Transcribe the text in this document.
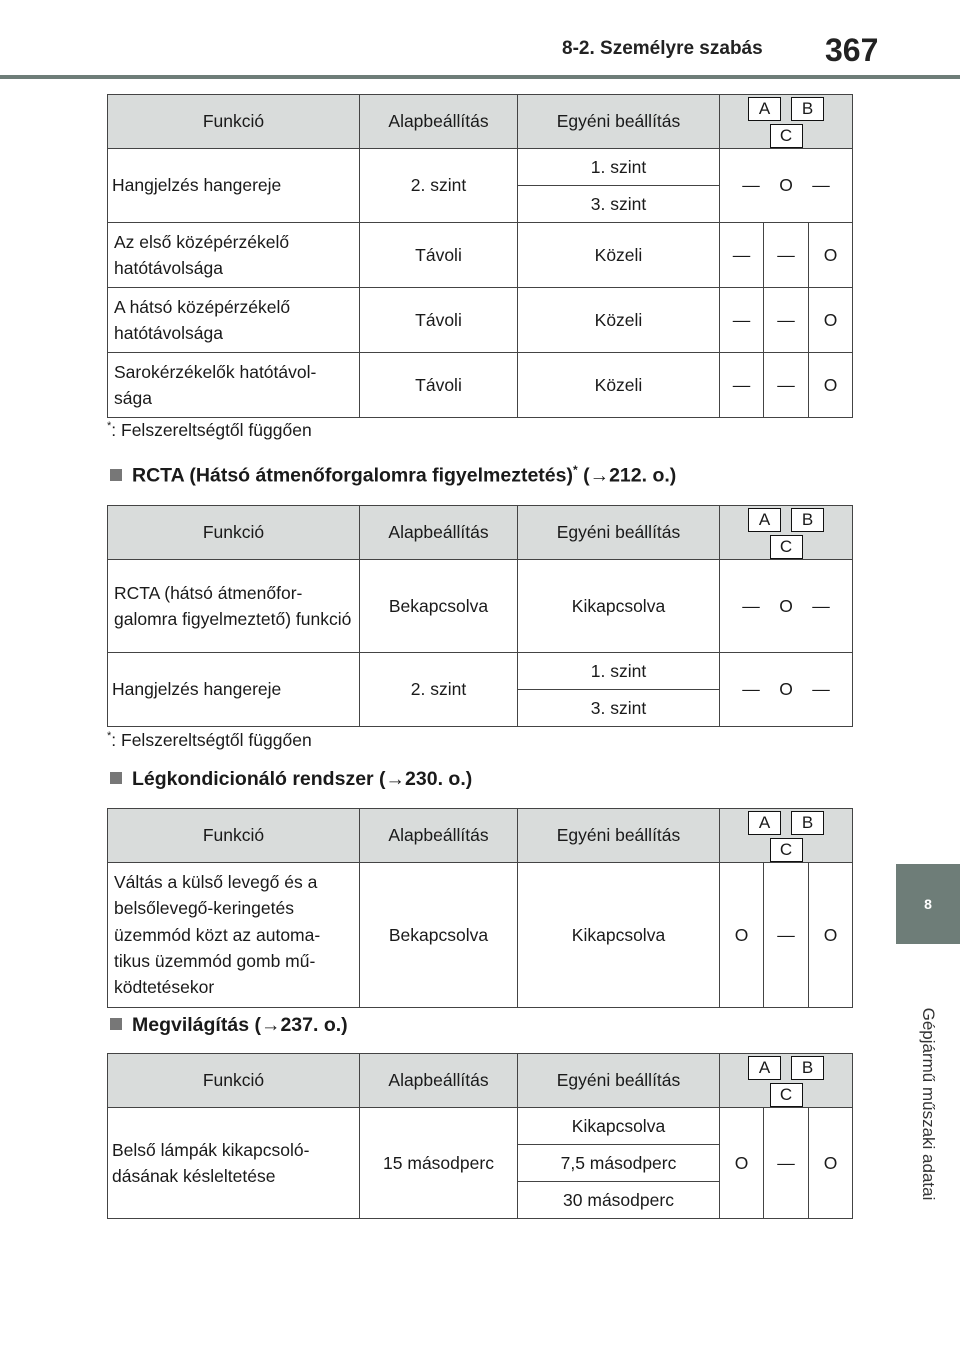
8-2. Személyre szabás 367
8
Gépjármű műszaki adatai
Funkció	Alapbeállítás	Egyéni beállítás	A BC		
Hangjelzés hangereje	2. szint	1. szint	— O —		
		3. szint			
Az első középérzékelő hatótávolsága	Távoli	Közeli	—	—	O
A hátsó középérzékelő hatótávolsága	Távoli	Közeli	—	—	O
Sarokérzékelők hatótávol- sága	Távoli	Közeli	—	—	O
*: Felszereltségtől függően
RCTA (Hátsó átmenőforgalomra figyelmeztetés)* (→212. o.)
Funkció	Alapbeállítás	Egyéni beállítás	A BC
RCTA (hátsó átmenőfor- galomra figyelmeztető) funkció	Bekapcsolva	Kikapcsolva	— O —
Hangjelzés hangereje	2. szint	1. szint	— O —
		3. szint	
*: Felszereltségtől függően
Légkondicionáló rendszer (→230. o.)
Funkció	Alapbeállítás	Egyéni beállítás	A BC		
Váltás a külső levegő és a belsőlevegő-keringetés üzemmód közt az automa- tikus üzemmód gomb mű- ködtetésekor	Bekapcsolva	Kikapcsolva	O	—	O
Megvilágítás (→237. o.)
Funkció	Alapbeállítás	Egyéni beállítás	A BC		
Belső lámpák kikapcsoló- dásának késleltetése	15 másodperc	Kikapcsolva	O	—	O
		7,5 másodperc			
		30 másodperc			
